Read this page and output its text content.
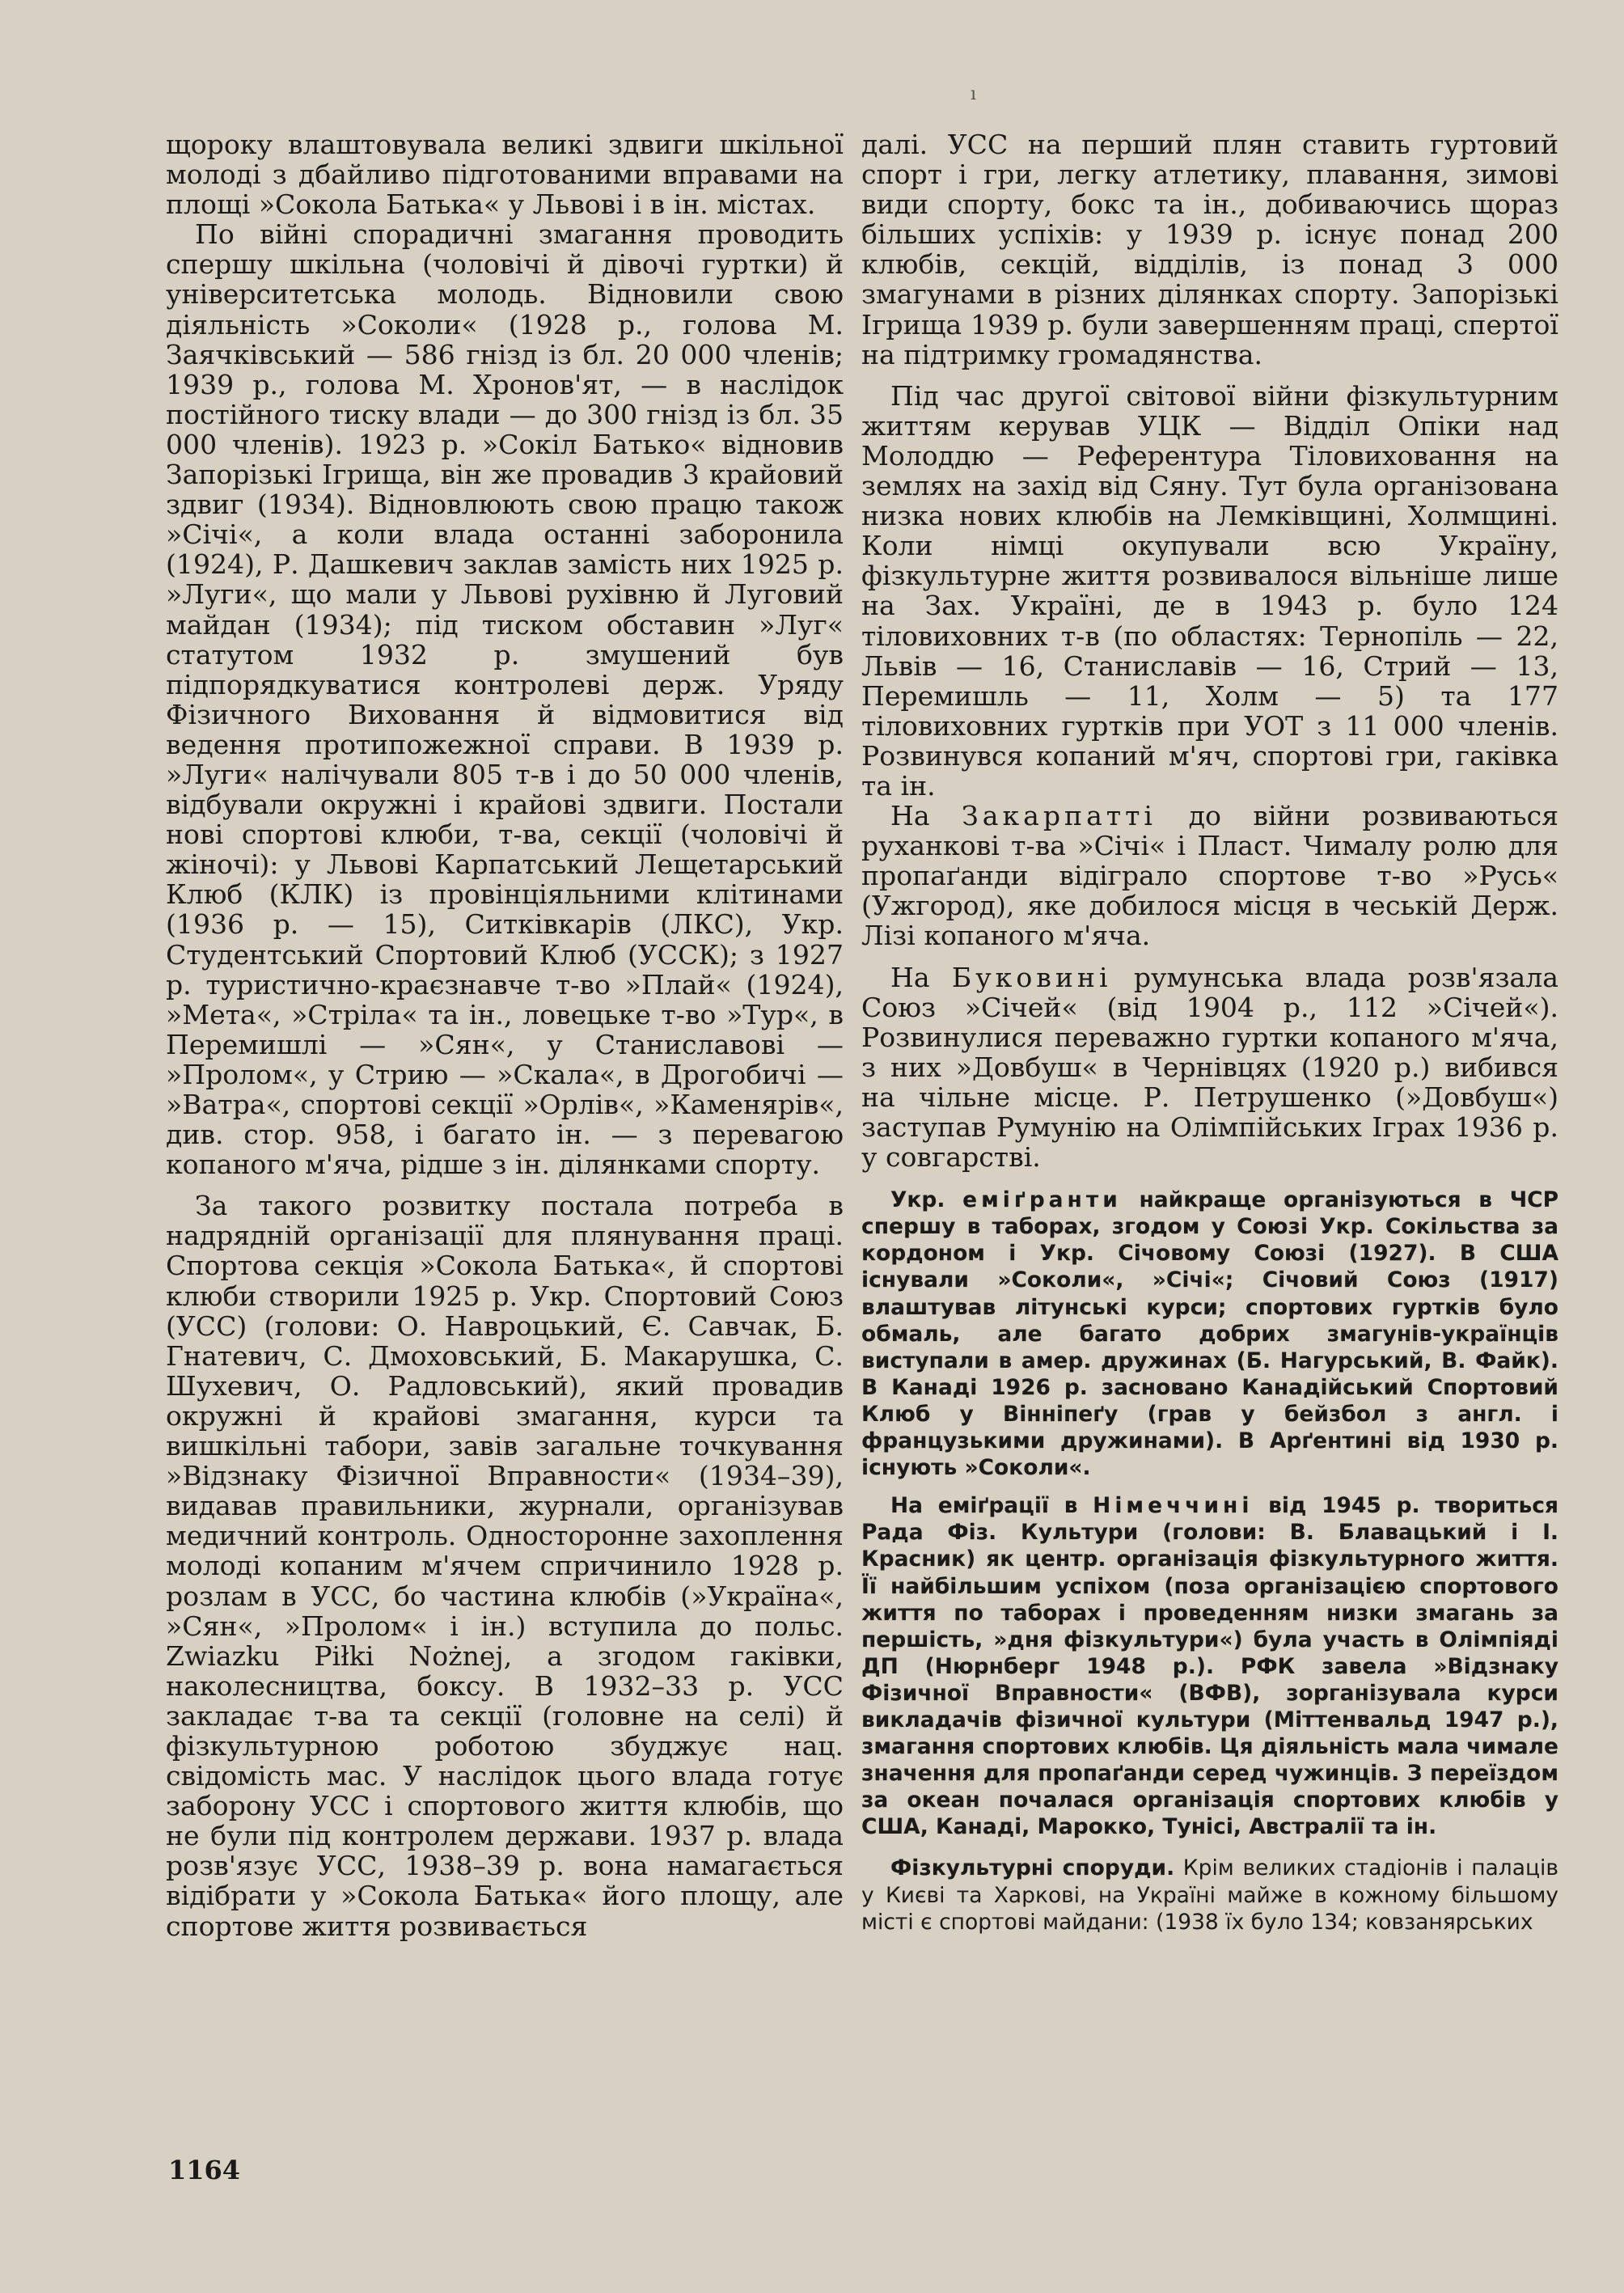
ı

щороку влаштовувала великі здвиги шкільної молоді з дбайливо підготованими вправами на площі »Сокола Батька« у Львові і в ін. містах.

По війні спорадичні змагання проводить спершу шкільна (чоловічі й дівочі гуртки) й університетська молодь. Відновили свою діяльність »Соколи« (1928 р., голова М. Заячківський — 586 гнізд із бл. 20 000 членів; 1939 р., голова М. Хронов'ят, — в наслідок постійного тиску влади — до 300 гнізд із бл. 35 000 членів). 1923 р. »Сокіл Батько« відновив Запорізькі Ігрища, він же провадив 3 крайовий здвиг (1934). Відновлюють свою працю також »Січі«, а коли влада останні заборонила (1924), Р. Дашкевич заклав замість них 1925 р. »Луги«, що мали у Львові рухівню й Луговий майдан (1934); під тиском обставин »Луг« статутом 1932 р. змушений був підпорядкуватися контролеві держ. Уряду Фізичного Виховання й відмовитися від ведення протипожежної справи. В 1939 р. »Луги« налічували 805 т-в і до 50 000 членів, відбували окружні і крайові здвиги. Постали нові спортові клюби, т-ва, секції (чоловічі й жіночі): у Львові Карпатський Лещетарський Клюб (КЛК) із провінціяльними клітинами (1936 р. — 15), Ситківкарів (ЛКС), Укр. Студентський Спортовий Клюб (УССК); з 1927 р. туристично-краєзнавче т-во »Плай« (1924), »Мета«, »Стріла« та ін., ловецьке т-во »Тур«, в Перемишлі — »Сян«, у Станиславові — »Пролом«, у Стрию — »Скала«, в Дрогобичі — »Ватра«, спортові секції »Орлів«, »Каменярів«, див. стор. 958, і багато ін. — з перевагою копаного м'яча, рідше з ін. ділянками спорту.

За такого розвитку постала потреба в надрядній організації для плянування праці. Спортова секція »Сокола Батька«, й спортові клюби створили 1925 р. Укр. Спортовий Союз (УСС) (голови: О. Навроцький, Є. Савчак, Б. Гнатевич, С. Дмоховський, Б. Макарушка, С. Шухевич, О. Радловський), який провадив окружні й крайові змагання, курси та вишкільні табори, завів загальне точкування »Відзнаку Фізичної Вправности« (1934–39), видавав правильники, журнали, організував медичний контроль. Односторонне захоплення молоді копаним м'ячем спричинило 1928 р. розлам в УСС, бо частина клюбів (»Україна«, »Сян«, »Пролом« і ін.) вступила до польс. Zwiazku Piłki Nożnej, а згодом гаківки, наколесництва, боксу. В 1932–33 р. УСС закладає т-ва та секції (головне на селі) й фізкультурною роботою збуджує нац. свідомість мас. У наслідок цього влада готує заборону УСС і спортового життя клюбів, що не були під контролем держави. 1937 р. влада розв'язує УСС, 1938–39 р. вона намагається відібрати у »Сокола Батька« його площу, але спортове життя розвивається

далі. УСС на перший плян ставить гуртовий спорт і гри, легку атлетику, плавання, зимові види спорту, бокс та ін., добиваючись щораз більших успіхів: у 1939 р. існує понад 200 клюбів, секцій, відділів, із понад 3 000 змагунами в різних ділянках спорту. Запорізькі Ігрища 1939 р. були завершенням праці, спертої на підтримку громадянства.

Під час другої світової війни фізкультурним життям керував УЦК — Відділ Опіки над Молоддю — Референтура Тіловиховання на землях на захід від Сяну. Тут була організована низка нових клюбів на Лемківщині, Холмщині. Коли німці окупували всю Україну, фізкультурне життя розвивалося вільніше лише на Зах. Україні, де в 1943 р. було 124 тіловиховних т-в (по областях: Тернопіль — 22, Львів — 16, Станиславів — 16, Стрий — 13, Перемишль — 11, Холм — 5) та 177 тіловиховних гуртків при УОТ з 11 000 членів. Розвинувся копаний м'яч, спортові гри, гаківка та ін.

На Закарпатті до війни розвиваються руханкові т-ва »Січі« і Пласт. Чималу ролю для пропаґанди відіграло спортове т-во »Русь« (Ужгород), яке добилося місця в чеській Держ. Лізі копаного м'яча.

На Буковині румунська влада розв'язала Союз »Січей« (від 1904 р., 112 »Січей«). Розвинулися переважно гуртки копаного м'яча, з них »Довбуш« в Чернівцях (1920 р.) вибився на чільне місце. Р. Петрушенко (»Довбуш«) заступав Румунію на Олімпійських Іграх 1936 р. у совгарстві.

Укр. еміґранти найкраще організуються в ЧСР спершу в таборах, згодом у Союзі Укр. Сокільства за кордоном і Укр. Січовому Союзі (1927). В США існували »Соколи«, »Січі«; Січовий Союз (1917) влаштував літунські курси; спортових гуртків було обмаль, але багато добрих змагунів-українців виступали в амер. дружинах (Б. Нагурський, В. Файк). В Канаді 1926 р. засновано Канадійський Спортовий Клюб у Вінніпеґу (грав у бейзбол з англ. і французькими дружинами). В Арґентині від 1930 р. існують »Соколи«.

На еміґрації в Німеччині від 1945 р. твориться Рада Фіз. Культури (голови: В. Блавацький і І. Красник) як центр. організація фізкультурного життя. Її найбільшим успіхом (поза організацією спортового життя по таборах і проведенням низки змагань за першість, »дня фізкультури«) була участь в Олімпіяді ДП (Нюрнберг 1948 р.). РФК завела »Відзнаку Фізичної Вправности« (ВФВ), зорганізувала курси викладачів фізичної культури (Міттенвальд 1947 р.), змагання спортових клюбів. Ця діяльність мала чимале значення для пропаґанди серед чужинців. З переїздом за океан почалася організація спортових клюбів у США, Канаді, Марокко, Тунісі, Австралії та ін.

Фізкультурні споруди. Крім великих стадіонів і палаців у Києві та Харкові, на Україні майже в кожному більшому місті є спортові майдани: (1938 їх було 134; ковзанярських

1164
